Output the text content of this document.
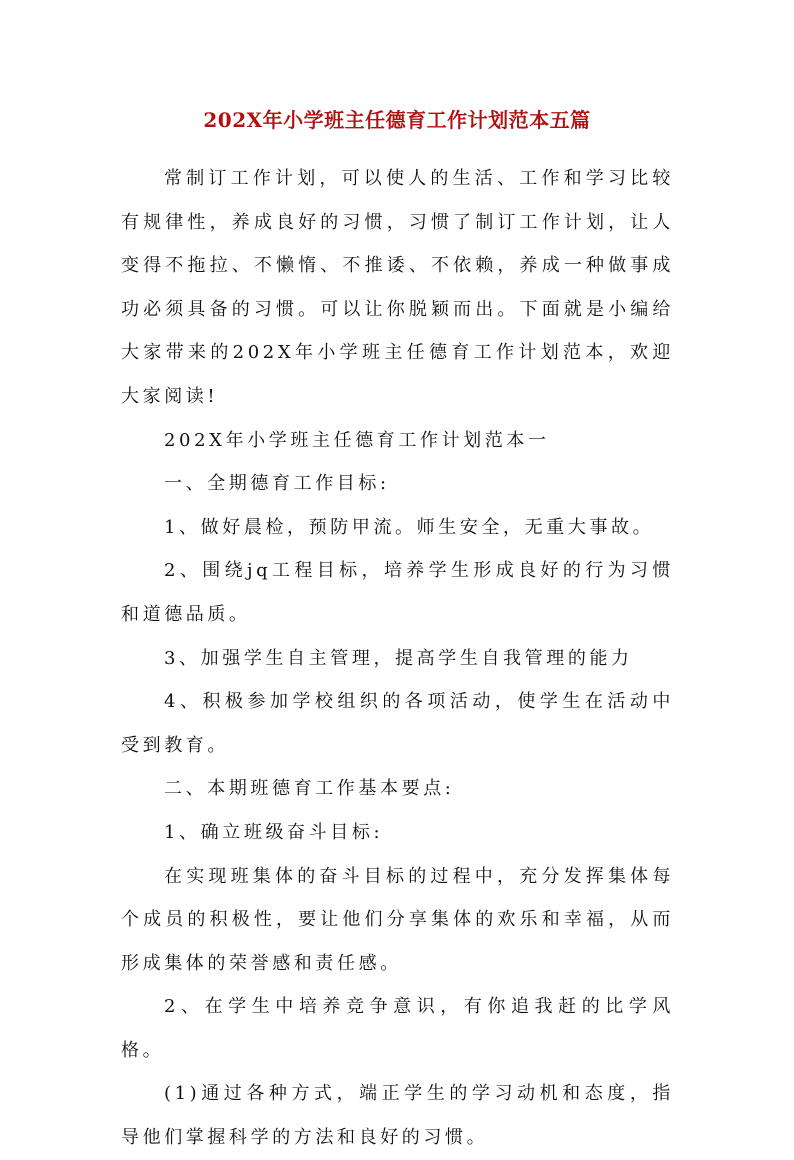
202X年小学班主任德育工作计划范本五篇

常制订工作计划，可以使人的生活、工作和学习比较有规律性，养成良好的习惯，习惯了制订工作计划，让人变得不拖拉、不懒惰、不推诿、不依赖，养成一种做事成功必须具备的习惯。可以让你脱颖而出。下面就是小编给大家带来的202X年小学班主任德育工作计划范本，欢迎大家阅读!

202X年小学班主任德育工作计划范本一

一、全期德育工作目标:

1、做好晨检，预防甲流。师生安全，无重大事故。

2、围绕jq工程目标，培养学生形成良好的行为习惯和道德品质。

3、加强学生自主管理，提高学生自我管理的能力

4、积极参加学校组织的各项活动，使学生在活动中受到教育。

二、本期班德育工作基本要点:

1、确立班级奋斗目标:

在实现班集体的奋斗目标的过程中，充分发挥集体每个成员的积极性，要让他们分享集体的欢乐和幸福，从而形成集体的荣誉感和责任感。

2、在学生中培养竞争意识，有你追我赶的比学风格。

(1)通过各种方式，端正学生的学习动机和态度，指导他们掌握科学的方法和良好的习惯。
